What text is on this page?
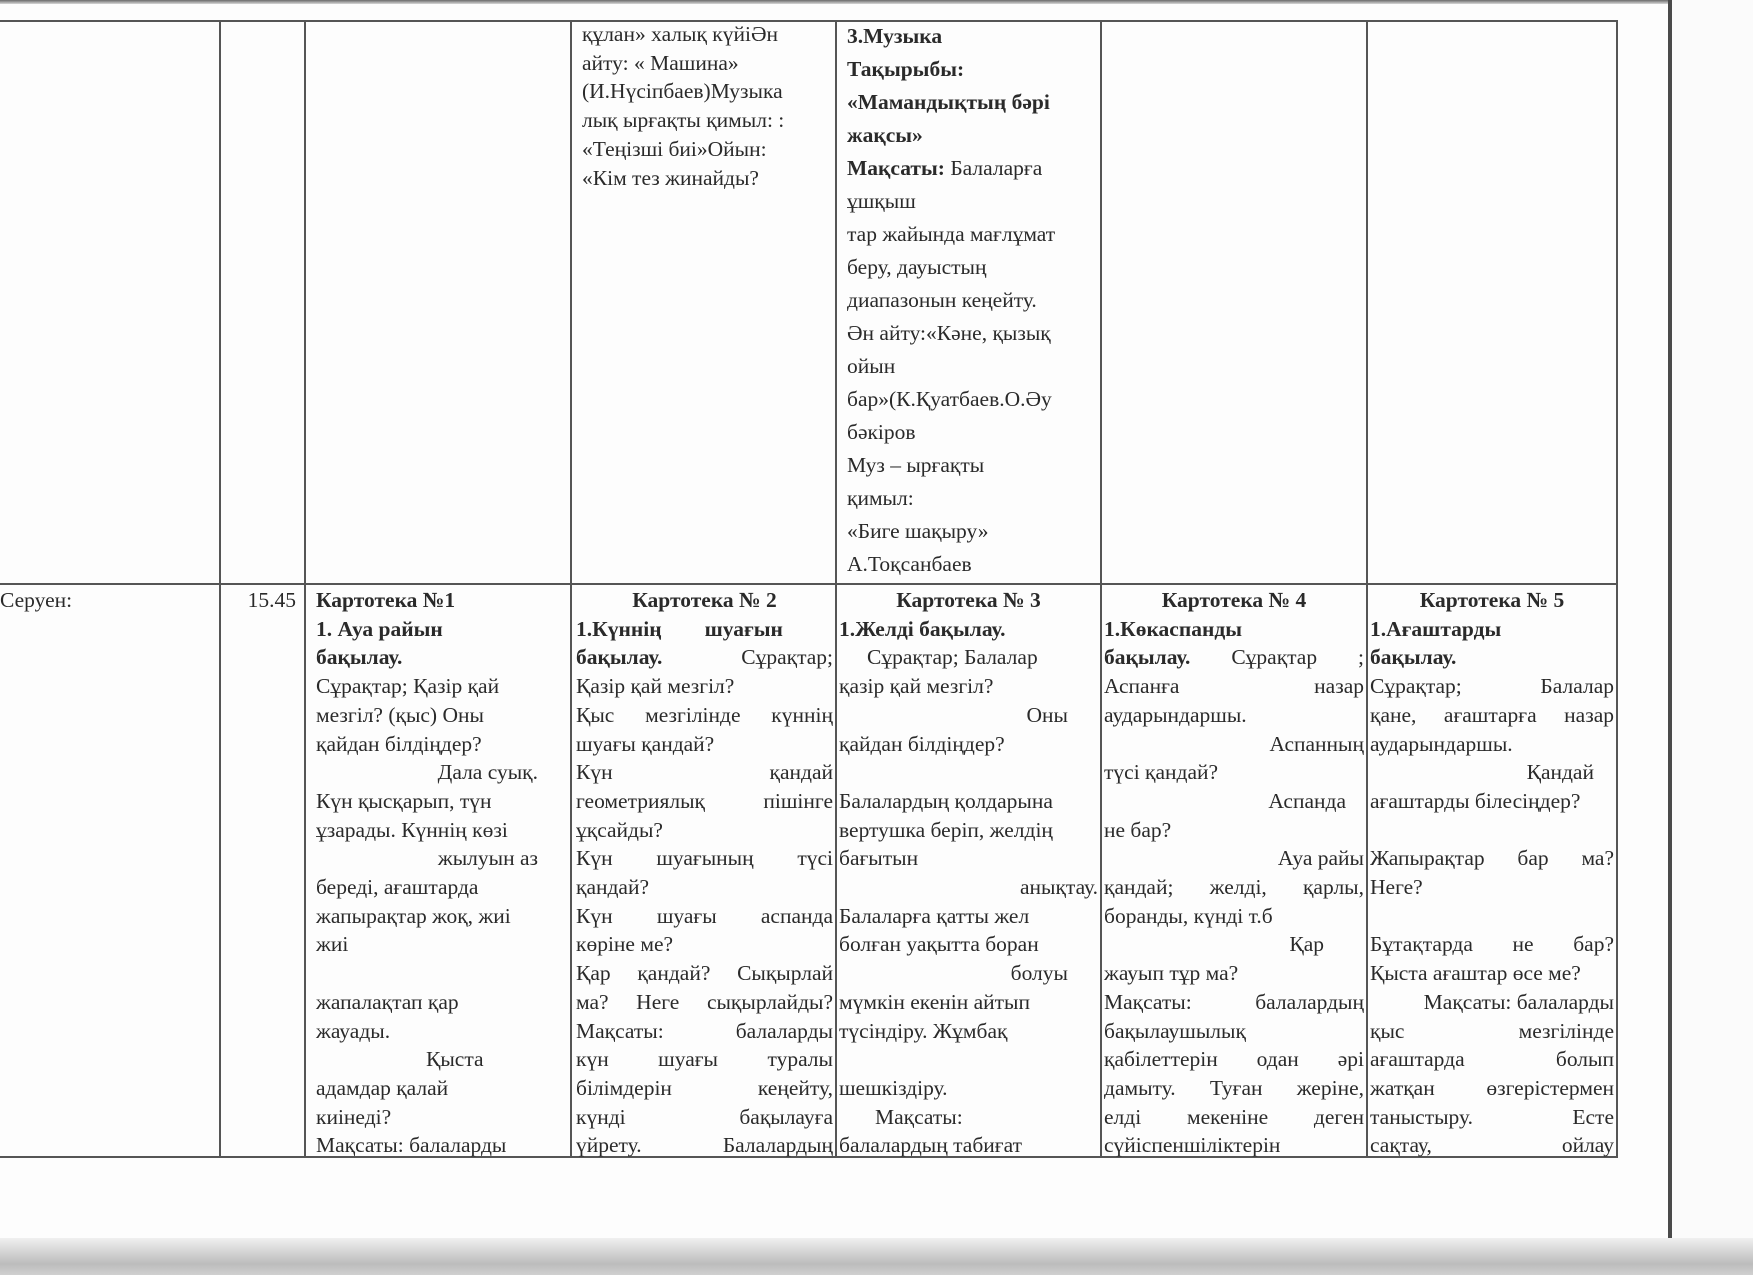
құлан» халық күйіӘн

айту: « Машина»

(И.Нүсіпбаев)Музыка

лық ырғақты қимыл: :

«Теңізші биі»Ойын:

«Кім тез жинайды?

3.Музыка

Тақырыбы:

«Мамандықтың бәрі

жақсы»

Мақсаты: Балаларға

ұшқыш

тар жайында мағлұмат

беру, дауыстың

диапазонын кеңейту.

Ән айту:«Кәне, қызық

ойын

бар»(К.Қуатбаев.О.Әу

бәкіров

Муз – ырғақты

қимыл:

«Биге шақыру»

А.Тоқсанбаев

Серуен:	15.45 Картотека №1

1. Ауа райын

бақылау.

Сұрақтар; Қазір қай

мезгіл? (қыс) Оны

қайдан білдіңдер?

Дала суық.

Күн қысқарып, түн

ұзарады. Күннің көзі

жылуын аз

береді, ағаштарда

жапырақтар жоқ, жиі

жиі

жапалақтап қар

жауады.

Қыста

адамдар қалай

киінеді?

Мақсаты: балаларды

Картотека № 2

1.Күннің        шуағын

бақылау.	Сұрақтар;

Қазір қай мезгіл?

Қыс мезгілінде күннің

шуағы қандай?

Күн қандай

геометриялық пішінге

ұқсайды?

Күн шуағының түсі

қандай?

Күн шуағы аспанда

көріне ме?

Қар қандай? Сықырлай

ма? Неге сықырлайды?

Мақсаты: балаларды

күн шуағы туралы

білімдерін кеңейту,

күнді бақылауға

үйрету. Балалардың

Картотека № 3

1.Желді бақылау.

Сұрақтар; Балалар

қазір қай мезгіл?

Оны

қайдан білдіңдер?

Балалардың қолдарына

вертушка беріп, желдің

бағытын

анықтау.

Балаларға қатты жел

болған уақытта боран

болуы

мүмкін екенін айтып

түсіндіру. Жұмбақ

шешкіздіру.

Мақсаты:

балалардың табиғат

Картотека № 4

1.Көкаспанды

бақылау. Сұрақтар ;

Аспанға назар

аударындаршы.

Аспанның

түсі қандай?

Аспанда

не бар?

Ауа райы

қандай; желді, қарлы,

боранды, күнді т.б

Қар

жауып тұр ма?

Мақсаты: балалардың

бақылаушылық

қабілеттерін одан әрі

дамыту. Туған жеріне,

елді мекеніне деген

сүйіспеншіліктерін

Картотека № 5

1.Ағаштарды

бақылау.

Сұрақтар; Балалар

қане, ағаштарға назар

аударындаршы.

Қандай

ағаштарды білесіңдер?

Жапырақтар бар ма?

Неге?

Бұтақтарда не бар?

Қыста ағаштар өсе ме?

Мақсаты: балаларды

қыс мезгілінде

ағаштарда болып

жатқан өзгерістермен

таныстыру. Есте

сақтау, ойлау
